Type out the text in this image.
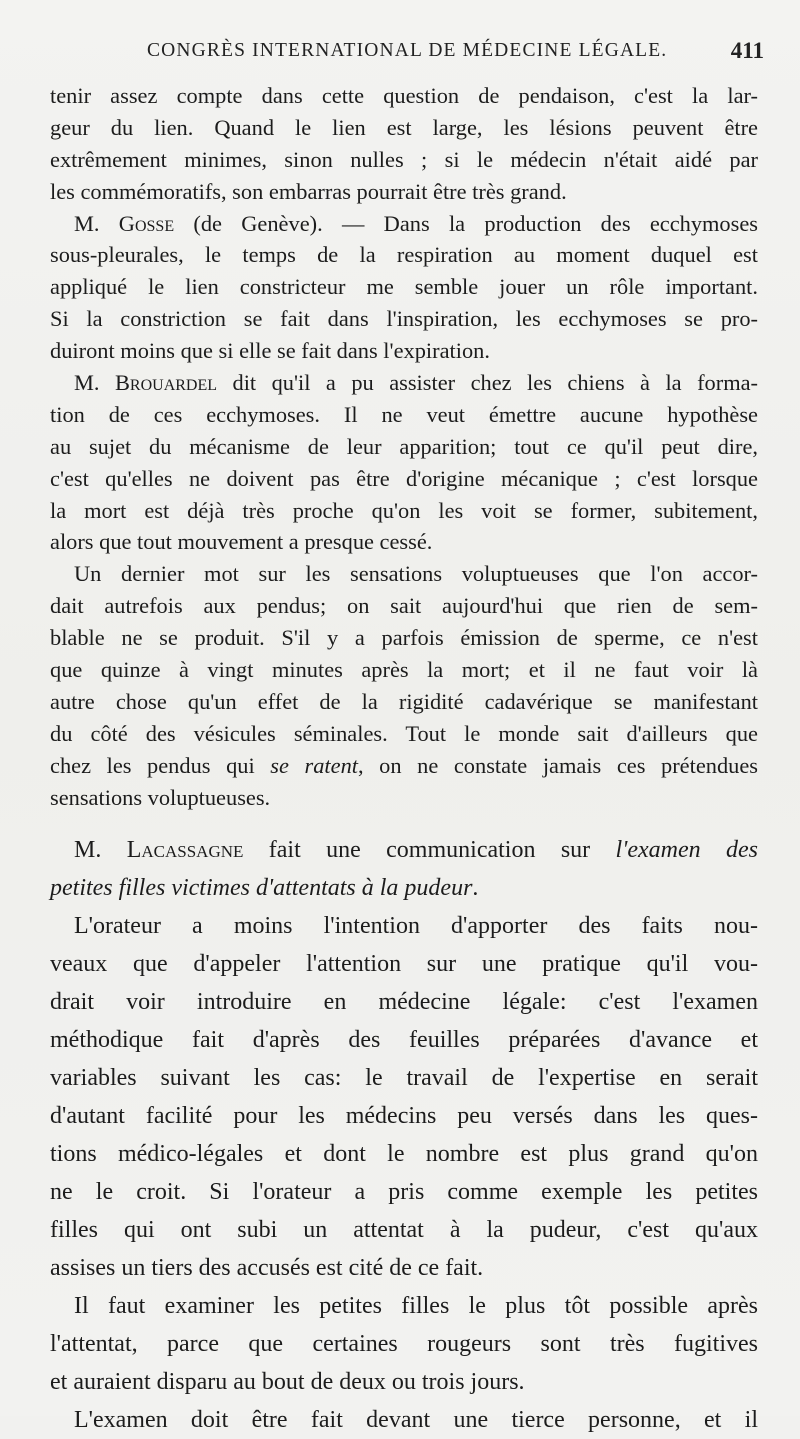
CONGRÈS INTERNATIONAL DE MÉDECINE LÉGALE.	411
tenir assez compte dans cette question de pendaison, c'est la lar-
geur du lien. Quand le lien est large, les lésions peuvent être
extrêmement minimes, sinon nulles ; si le médecin n'était aidé par
les commémoratifs, son embarras pourrait être très grand.
M. Gosse (de Genève). — Dans la production des ecchymoses
sous-pleurales, le temps de la respiration au moment duquel est
appliqué le lien constricteur me semble jouer un rôle important.
Si la constriction se fait dans l'inspiration, les ecchymoses se pro-
duiront moins que si elle se fait dans l'expiration.
M. Brouardel dit qu'il a pu assister chez les chiens à la forma-
tion de ces ecchymoses. Il ne veut émettre aucune hypothèse
au sujet du mécanisme de leur apparition; tout ce qu'il peut dire,
c'est qu'elles ne doivent pas être d'origine mécanique ; c'est lorsque
la mort est déjà très proche qu'on les voit se former, subitement,
alors que tout mouvement a presque cessé.
Un dernier mot sur les sensations voluptueuses que l'on accor-
dait autrefois aux pendus; on sait aujourd'hui que rien de sem-
blable ne se produit. S'il y a parfois émission de sperme, ce n'est
que quinze à vingt minutes après la mort; et il ne faut voir là
autre chose qu'un effet de la rigidité cadavérique se manifestant
du côté des vésicules séminales. Tout le monde sait d'ailleurs que
chez les pendus qui se ratent, on ne constate jamais ces prétendues
sensations voluptueuses.
M. Lacassagne fait une communication sur l'examen des
petites filles victimes d'attentats à la pudeur.
L'orateur a moins l'intention d'apporter des faits nou-
veaux que d'appeler l'attention sur une pratique qu'il vou-
drait voir introduire en médecine légale: c'est l'examen
méthodique fait d'après des feuilles préparées d'avance et
variables suivant les cas: le travail de l'expertise en serait
d'autant facilité pour les médecins peu versés dans les ques-
tions médico-légales et dont le nombre est plus grand qu'on
ne le croit. Si l'orateur a pris comme exemple les petites
filles qui ont subi un attentat à la pudeur, c'est qu'aux
assises un tiers des accusés est cité de ce fait.
Il faut examiner les petites filles le plus tôt possible après
l'attentat, parce que certaines rougeurs sont très fugitives
et auraient disparu au bout de deux ou trois jours.
L'examen doit être fait devant une tierce personne, et il
